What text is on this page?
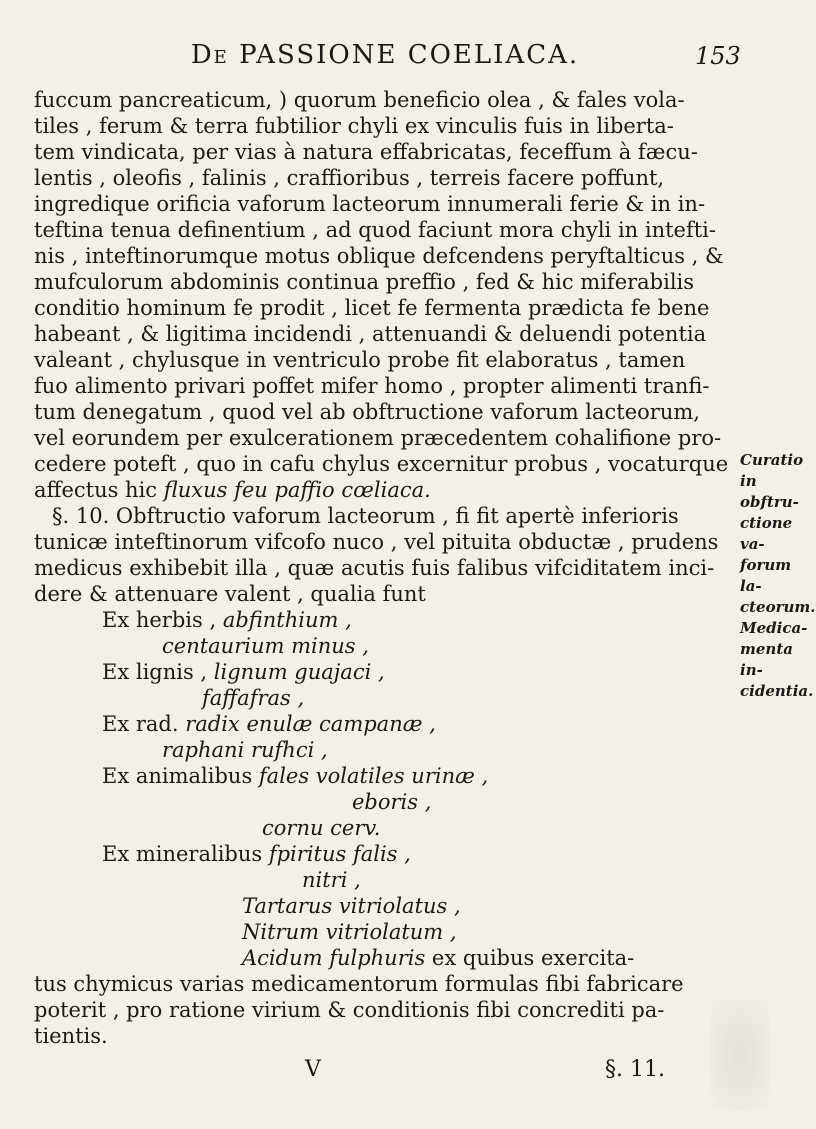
De PASSIONE COELIACA.	153
fuccum pancreaticum, ) quorum beneficio olea , & fales vola-
tiles , ferum & terra fubtilior chyli ex vinculis fuis in liberta-
tem vindicata, per vias à natura effabricatas, feceffum à fæcu-
lentis , oleofis , falinis , craffioribus , terreis facere poffunt,
ingredique orificia vaforum lacteorum innumerali ferie & in in-
teftina tenua definentium , ad quod faciunt mora chyli in intefti-
nis , inteftinorumque motus oblique defcendens peryftalticus , &
mufculorum abdominis continua preffio , fed & hic miferabilis
conditio hominum fe prodit , licet fe fermenta prædicta fe bene
habeant , & ligitima incidendi , attenuandi & deluendi potentia
valeant , chylusque in ventriculo probe fit elaboratus , tamen
fuo alimento privari poffet mifer homo , propter alimenti tranfi-
tum denegatum , quod vel ab obftructione vaforum lacteorum,
vel eorundem per exulcerationem præcedentem cohalifione pro-
cedere poteft , quo in cafu chylus excernitur probus , vocaturque
affectus hic fluxus feu paffio cœliaca.
§. 10. Obftructio vaforum lacteorum , fi fit apertè inferioris
tunicæ inteftinorum vifcofo nuco , vel pituita obductæ , prudens
medicus exhibebit illa , quæ acutis fuis falibus vifciditatem inci-
dere & attenuare valent , qualia funt
Ex herbis , abfinthium ,
centaurium minus ,
Ex lignis , lignum guajaci ,
faffafras ,
Ex rad. radix enulæ campanæ ,
raphani rufhci ,
Ex animalibus fales volatiles urinæ ,
eboris ,
cornu cerv.
Ex mineralibus fpiritus falis ,
nitri ,
Tartarus vitriolatus ,
Nitrum vitriolatum ,
Acidum fulphuris ex quibus exercita-
tus chymicus varias medicamentorum formulas fibi fabricare
poterit , pro ratione virium & conditionis fibi concrediti pa-
tientis.
Curatio
in obftru-
ctione va-
forum la-
cteorum.
Medica-
menta in-
cidentia.
V	§. 11.
